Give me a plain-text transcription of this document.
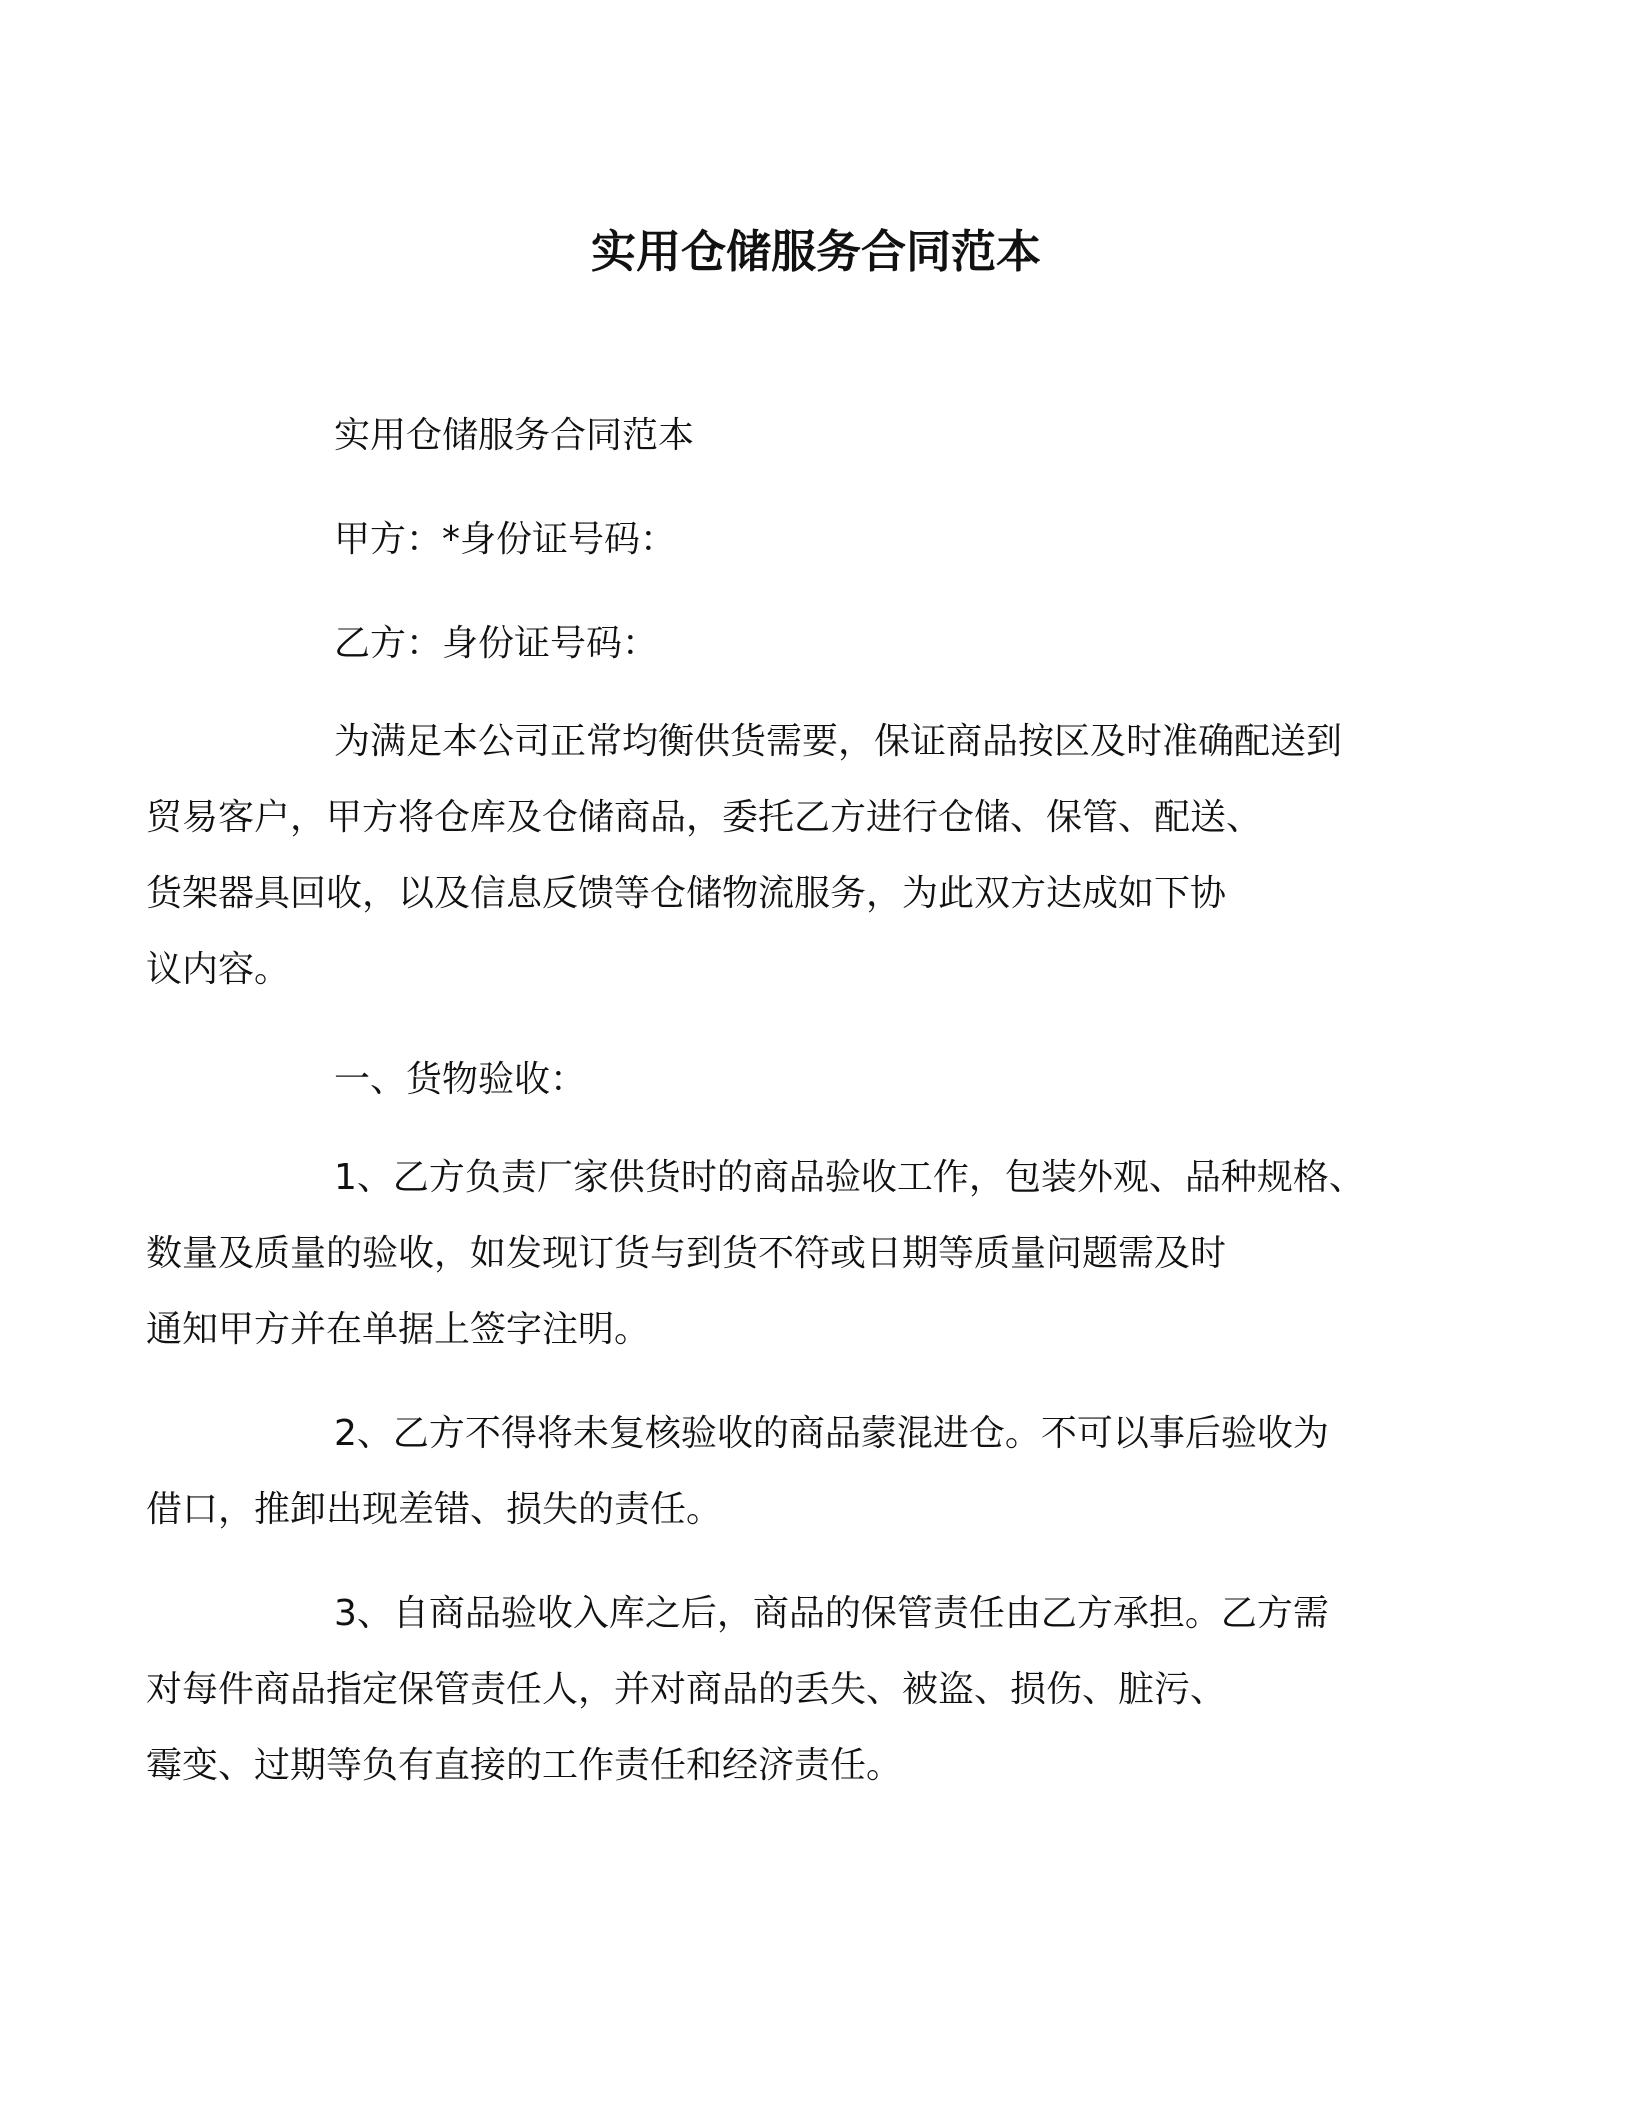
实用仓储服务合同范本
实用仓储服务合同范本
甲方：*身份证号码：
乙方：身份证号码：
为满足本公司正常均衡供货需要，保证商品按区及时准确配送到
贸易客户，甲方将仓库及仓储商品，委托乙方进行仓储、保管、配送、
货架器具回收，以及信息反馈等仓储物流服务，为此双方达成如下协
议内容。
一、货物验收：
1、乙方负责厂家供货时的商品验收工作，包装外观、品种规格、
数量及质量的验收，如发现订货与到货不符或日期等质量问题需及时
通知甲方并在单据上签字注明。
2、乙方不得将未复核验收的商品蒙混进仓。不可以事后验收为
借口，推卸出现差错、损失的责任。
3、自商品验收入库之后，商品的保管责任由乙方承担。乙方需
对每件商品指定保管责任人，并对商品的丢失、被盗、损伤、脏污、
霉变、过期等负有直接的工作责任和经济责任。
